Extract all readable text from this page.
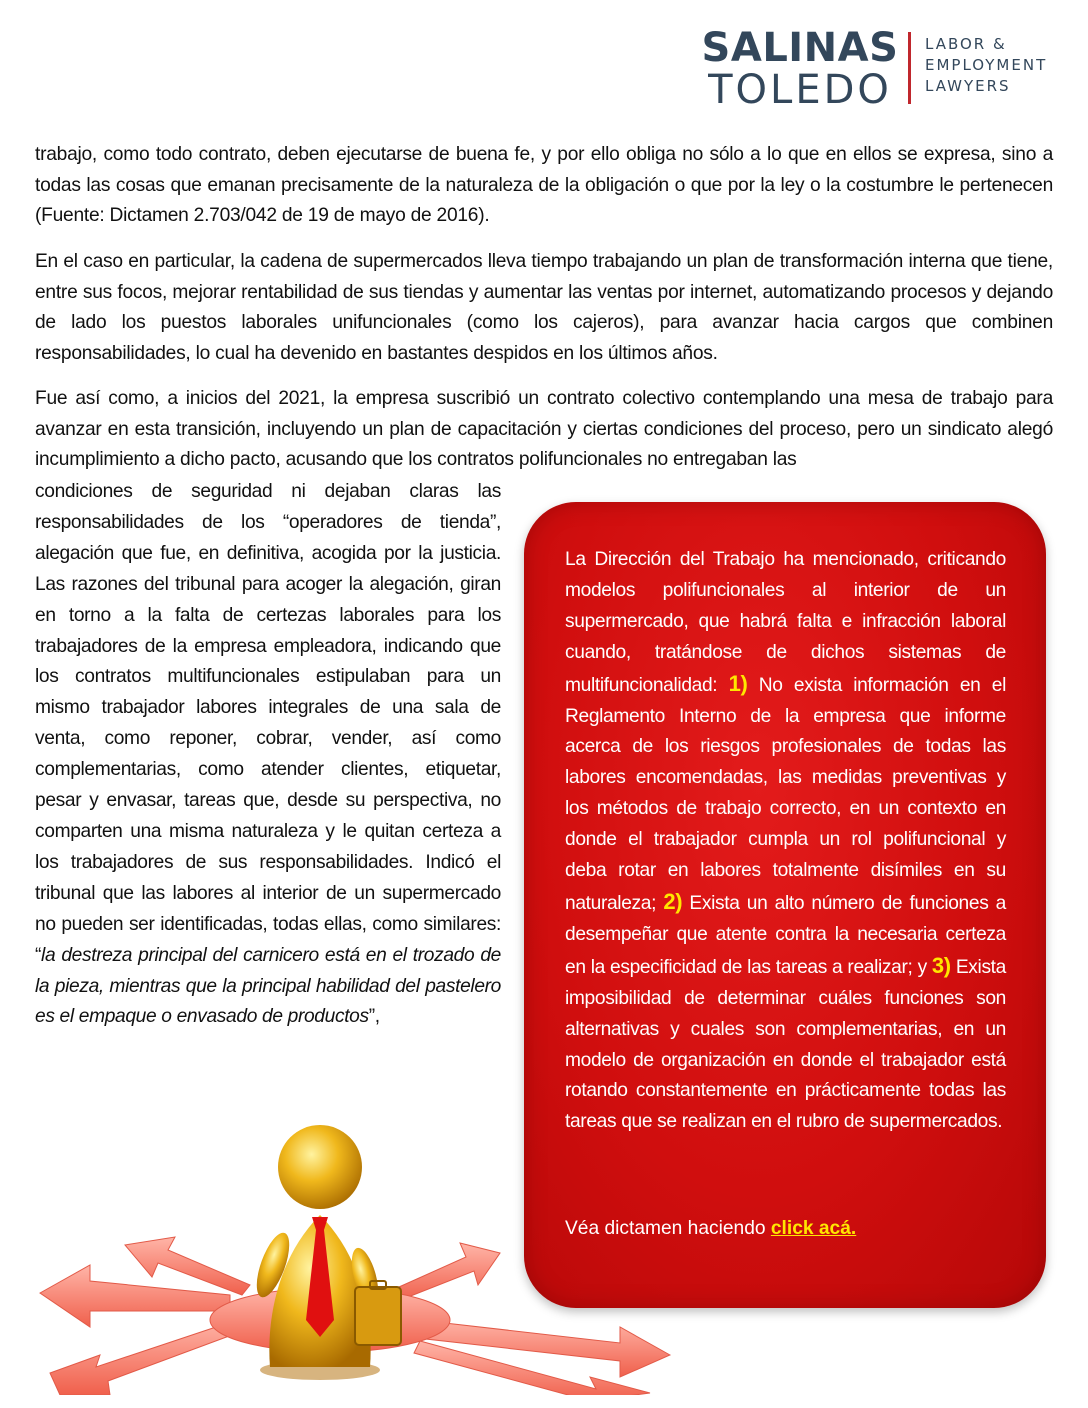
SALINAS
TOLEDO
LABOR &
EMPLOYMENT
LAWYERS
trabajo, como todo contrato, deben ejecutarse de buena fe, y por ello obliga no sólo a lo que en ellos se expresa, sino a todas las cosas que emanan precisamente de la naturaleza de la obligación o que por la ley o la costumbre le pertenecen (Fuente: Dictamen 2.703/042 de 19 de mayo de 2016).
En el caso en particular, la cadena de supermercados lleva tiempo trabajando un plan de transformación interna que tiene, entre sus focos, mejorar rentabilidad de sus tiendas y aumentar las ventas por internet, automatizando procesos y dejando de lado los puestos laborales unifuncionales (como los cajeros), para avanzar hacia cargos que combinen responsabilidades, lo cual ha devenido en bastantes despidos en los últimos años.
Fue así como, a inicios del 2021, la empresa suscribió un contrato colectivo contemplando una mesa de trabajo para avanzar en esta transición, incluyendo un plan de capacitación y ciertas condiciones del proceso, pero un sindicato alegó incumplimiento a dicho pacto, acusando que los contratos polifuncionales no entregaban las
condiciones de seguridad ni dejaban claras las responsabilidades de los “operadores de tienda”, alegación que fue, en definitiva, acogida por la justicia. Las razones del tribunal para acoger la alegación, giran en torno a la falta de certezas laborales para los trabajadores de la empresa empleadora, indicando que los contratos multifuncionales estipulaban para un mismo trabajador labores integrales de una sala de venta, como reponer, cobrar, vender, así como complementarias, como atender clientes, etiquetar, pesar y envasar, tareas que, desde su perspectiva, no comparten una misma naturaleza y le quitan certeza a los trabajadores de sus responsabilidades. Indicó el tribunal que las labores al interior de un supermercado no pueden ser identificadas, todas ellas, como similares: “la destreza principal del carnicero está en el trozado de la pieza, mientras que la principal habilidad del pastelero es el empaque o envasado de productos”,
La Dirección del Trabajo ha mencionado, criticando modelos polifuncionales al interior de un supermercado, que habrá falta e infracción laboral cuando, tratándose de dichos sistemas de multifuncionalidad: 1) No exista información en el Reglamento Interno de la empresa que informe acerca de los riesgos profesionales de todas las labores encomendadas, las medidas preventivas y los métodos de trabajo correcto, en un contexto en donde el trabajador cumpla un rol polifuncional y deba rotar en labores totalmente disímiles en su naturaleza; 2) Exista un alto número de funciones a desempeñar que atente contra la necesaria certeza en la especificidad de las tareas a realizar; y 3) Exista imposibilidad de determinar cuáles funciones son alternativas y cuales son complementarias, en un modelo de organización en donde el trabajador está rotando constantemente en prácticamente todas las tareas que se realizan en el rubro de supermercados.
Véa dictamen haciendo click acá.
